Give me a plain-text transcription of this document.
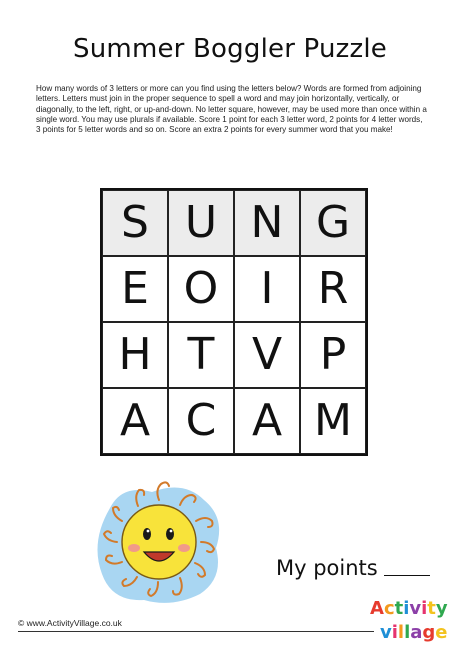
Summer Boggler Puzzle
How many words of 3 letters or more can you find using the letters below? Words are formed from adjoining letters. Letters must join in the proper sequence to spell a word and may join horizontally, vertically, or diagonally, to the left, right, or up-and-down. No letter square, however, may be used more than once within a single word. You may use plurals if available. Score 1 point for each 3 letter word, 2 points for 4 letter words, 3 points for 5 letter words and so on. Score an extra 2 points for every summer word that you make!
S U N G
E O I	R
H T V P
A C A M
My points
© www.ActivityVillage.co.uk
Activity
village
